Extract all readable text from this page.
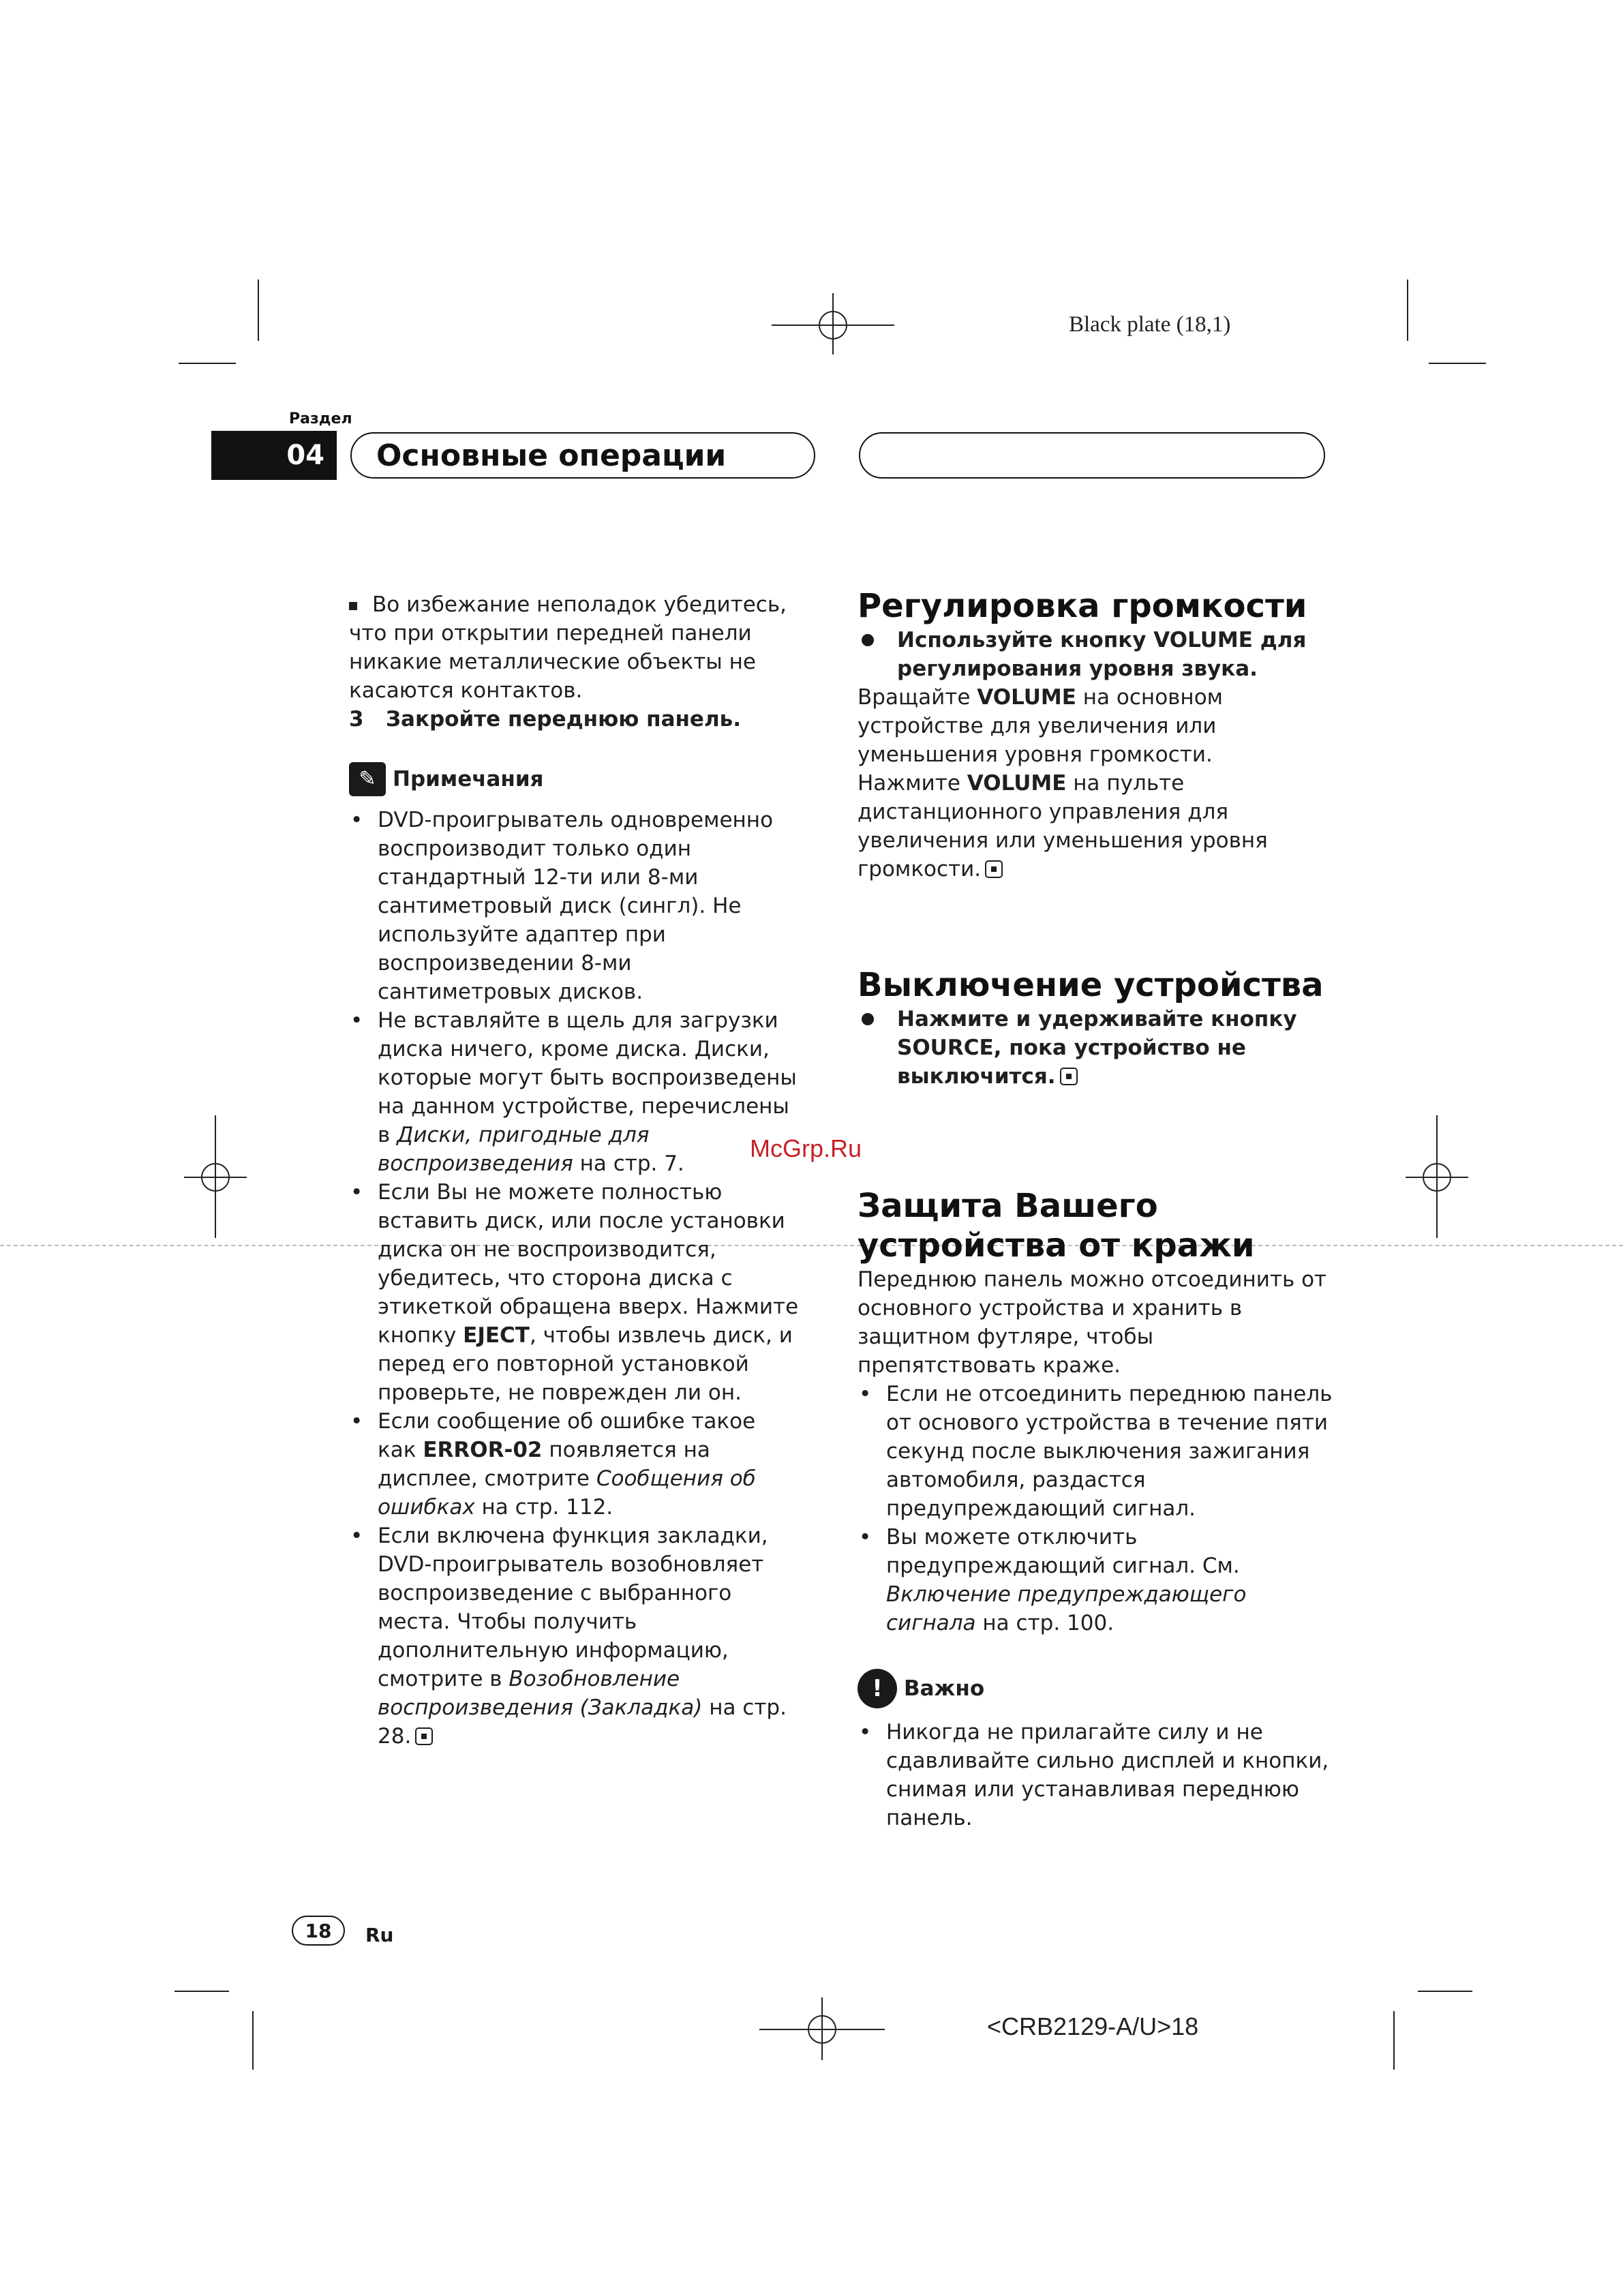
Black plate (18,1)
Раздел
04	Основные операции

Во избежание неполадок убедитесь, что при открытии передней панели никакие металлические объекты не касаются контактов.

3 Закройте переднюю панель.

✎ Примечания

• DVD-проигрыватель одновременно воспроизводит только один стандартный 12-ти или 8-ми сантиметровый диск (сингл). Не используйте адаптер при воспроизведении 8-ми сантиметровых дисков.

• Не вставляйте в щель для загрузки диска ничего, кроме диска. Диски, которые могут быть воспроизведены на данном устройстве, перечислены в Диски, пригодные для воспроизведения на стр. 7.

• Если Вы не можете полностью вставить диск, или после установки диска он не воспроизводится, убедитесь, что сторона диска с этикеткой обращена вверх. Нажмите кнопку EJECT, чтобы извлечь диск, и перед его повторной установкой проверьте, не поврежден ли он.

• Если сообщение об ошибке такое как ERROR-02 появляется на дисплее, смотрите Сообщения об ошибках на стр. 112.

• Если включена функция закладки, DVD-проигрыватель возобновляет воспроизведение с выбранного места. Чтобы получить дополнительную информацию, смотрите в Возобновление воспроизведения (Закладка) на стр. 28.

Регулировка громкости

Используйте кнопку VOLUME для регулирования уровня звука.

Вращайте VOLUME на основном устройстве для увеличения или уменьшения уровня громкости.

Нажмите VOLUME на пульте дистанционного управления для увеличения или уменьшения уровня громкости.

Выключение устройства

Нажмите и удерживайте кнопку SOURCE, пока устройство не выключится.

Защита Вашего устройства от кражи

Переднюю панель можно отсоединить от основного устройства и хранить в защитном футляре, чтобы препятствовать краже.

• Если не отсоединить переднюю панель от основого устройства в течение пяти секунд после выключения зажигания автомобиля, раздастся предупреждающий сигнал.

• Вы можете отключить предупреждающий сигнал. См. Включение предупреждающего сигнала на стр. 100.

!	Важно

• Никогда не прилагайте силу и не сдавливайте сильно дисплей и кнопки, снимая или устанавливая переднюю панель.

McGrp.Ru
18	Ru
<CRB2129-A/U>18
